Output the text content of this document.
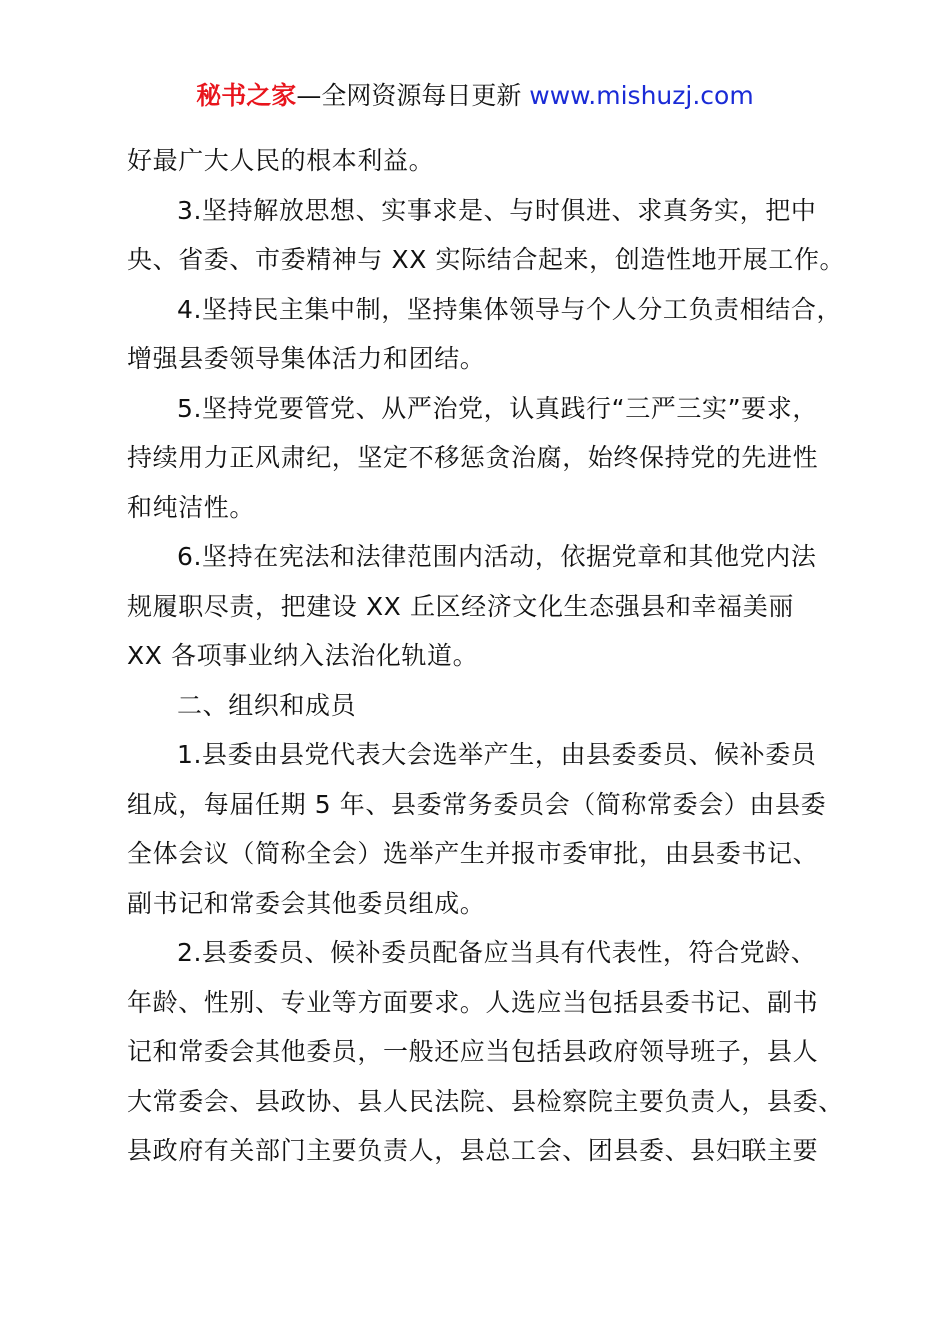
秘书之家—全网资源每日更新 www.mishuzj.com
好最广大人民的根本利益。
3.坚持解放思想、实事求是、与时俱进、求真务实，把中
央、省委、市委精神与 XX 实际结合起来，创造性地开展工作。
4.坚持民主集中制，坚持集体领导与个人分工负责相结合，
增强县委领导集体活力和团结。
5.坚持党要管党、从严治党，认真践行“三严三实”要求，
持续用力正风肃纪，坚定不移惩贪治腐，始终保持党的先进性
和纯洁性。
6.坚持在宪法和法律范围内活动，依据党章和其他党内法
规履职尽责，把建设 XX 丘区经济文化生态强县和幸福美丽
XX 各项事业纳入法治化轨道。
二、组织和成员
1.县委由县党代表大会选举产生，由县委委员、候补委员
组成，每届任期 5 年、县委常务委员会（简称常委会）由县委
全体会议（简称全会）选举产生并报市委审批，由县委书记、
副书记和常委会其他委员组成。
2.县委委员、候补委员配备应当具有代表性，符合党龄、
年龄、性别、专业等方面要求。人选应当包括县委书记、副书
记和常委会其他委员，一般还应当包括县政府领导班子，县人
大常委会、县政协、县人民法院、县检察院主要负责人，县委、
县政府有关部门主要负责人，县总工会、团县委、县妇联主要
